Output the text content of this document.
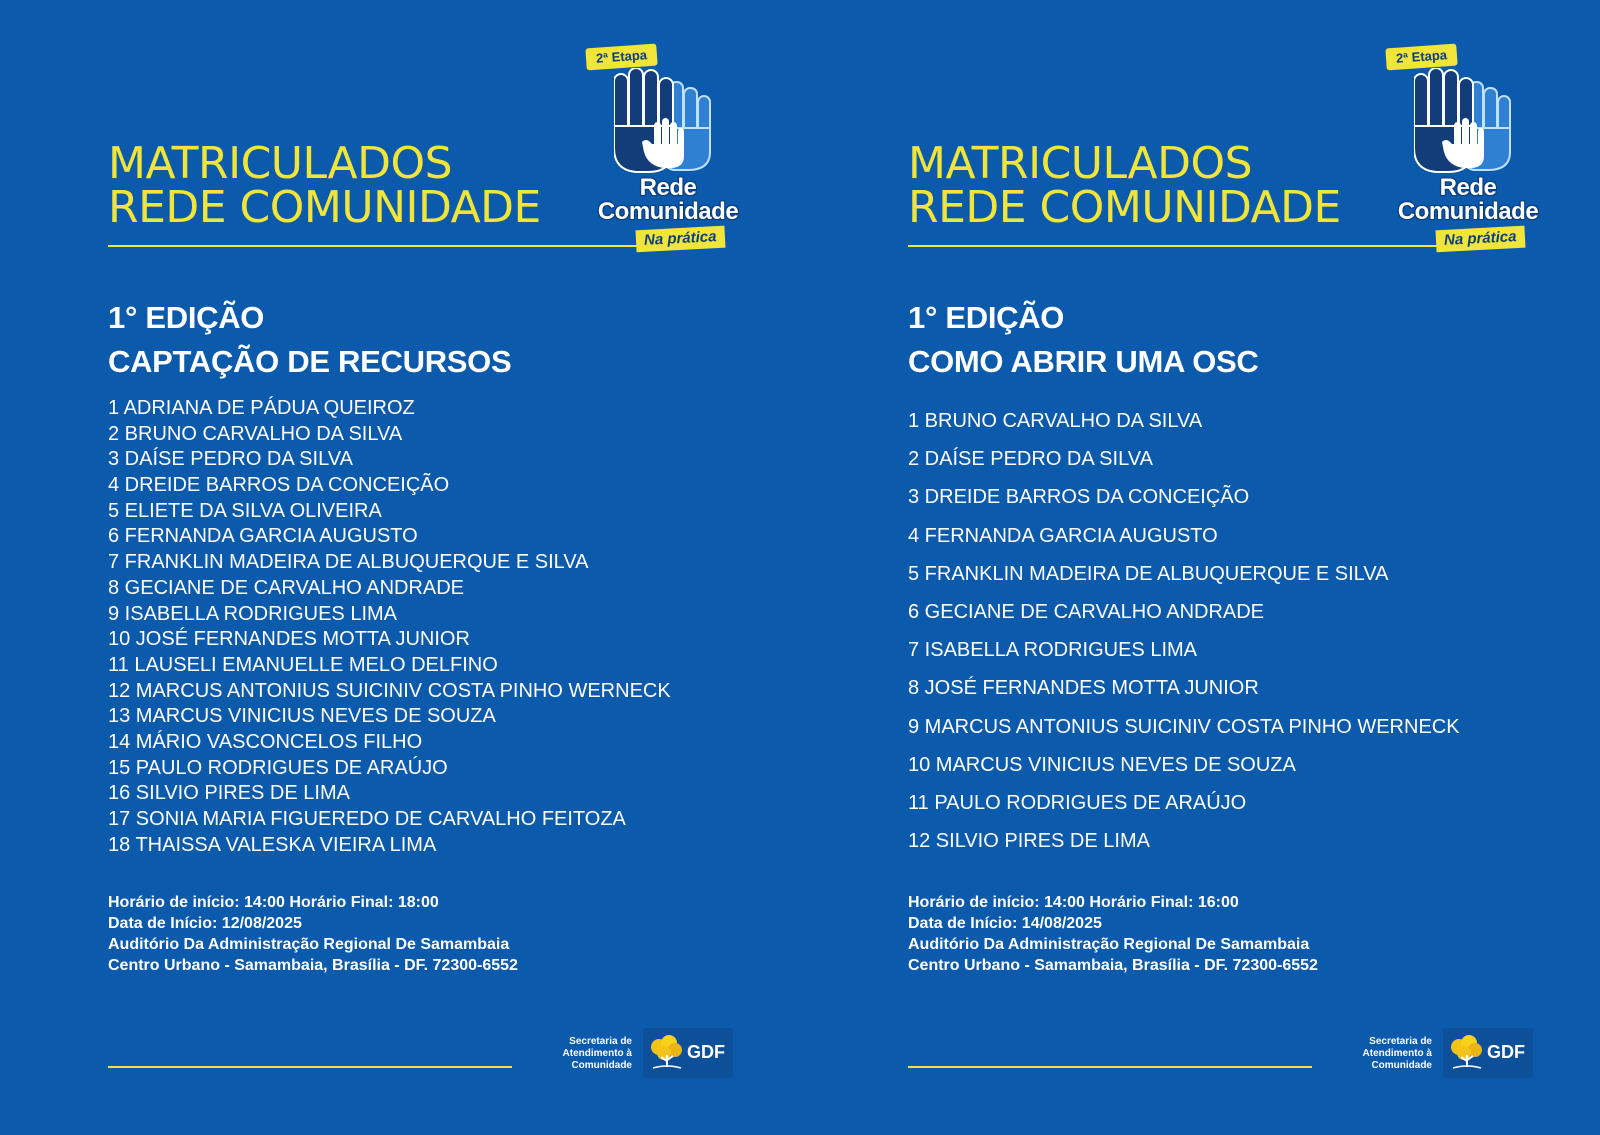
MATRICULADOS
REDE COMUNIDADE
2ª Etapa
Rede
Comunidade
Na prática
1° EDIÇÃO
CAPTAÇÃO DE RECURSOS
1 ADRIANA DE PÁDUA QUEIROZ
2 BRUNO CARVALHO DA SILVA
3 DAÍSE PEDRO DA SILVA
4 DREIDE BARROS DA CONCEIÇÃO
5 ELIETE DA SILVA OLIVEIRA
6 FERNANDA GARCIA AUGUSTO
7 FRANKLIN MADEIRA DE ALBUQUERQUE E SILVA
8 GECIANE DE CARVALHO ANDRADE
9 ISABELLA RODRIGUES LIMA
10 JOSÉ FERNANDES MOTTA JUNIOR
11 LAUSELI EMANUELLE MELO DELFINO
12 MARCUS ANTONIUS SUICINIV COSTA PINHO WERNECK
13 MARCUS VINICIUS NEVES DE SOUZA
14 MÁRIO VASCONCELOS FILHO
15 PAULO RODRIGUES DE ARAÚJO
16 SILVIO PIRES DE LIMA
17 SONIA MARIA FIGUEREDO DE CARVALHO FEITOZA
18 THAISSA VALESKA VIEIRA LIMA
Horário de início: 14:00 Horário Final: 18:00
Data de Início: 12/08/2025
Auditório Da Administração Regional De Samambaia
Centro Urbano - Samambaia, Brasília - DF. 72300-6552
Secretaria de
Atendimento à
Comunidade
GDF
MATRICULADOS
REDE COMUNIDADE
2ª Etapa
Rede
Comunidade
Na prática
1° EDIÇÃO
COMO ABRIR UMA OSC
1 BRUNO CARVALHO DA SILVA
2 DAÍSE PEDRO DA SILVA
3 DREIDE BARROS DA CONCEIÇÃO
4 FERNANDA GARCIA AUGUSTO
5 FRANKLIN MADEIRA DE ALBUQUERQUE E SILVA
6 GECIANE DE CARVALHO ANDRADE
7 ISABELLA RODRIGUES LIMA
8 JOSÉ FERNANDES MOTTA JUNIOR
9 MARCUS ANTONIUS SUICINIV COSTA PINHO WERNECK
10 MARCUS VINICIUS NEVES DE SOUZA
11 PAULO RODRIGUES DE ARAÚJO
12 SILVIO PIRES DE LIMA
Horário de início: 14:00 Horário Final: 16:00
Data de Início: 14/08/2025
Auditório Da Administração Regional De Samambaia
Centro Urbano - Samambaia, Brasília - DF. 72300-6552
Secretaria de
Atendimento à
Comunidade
GDF
